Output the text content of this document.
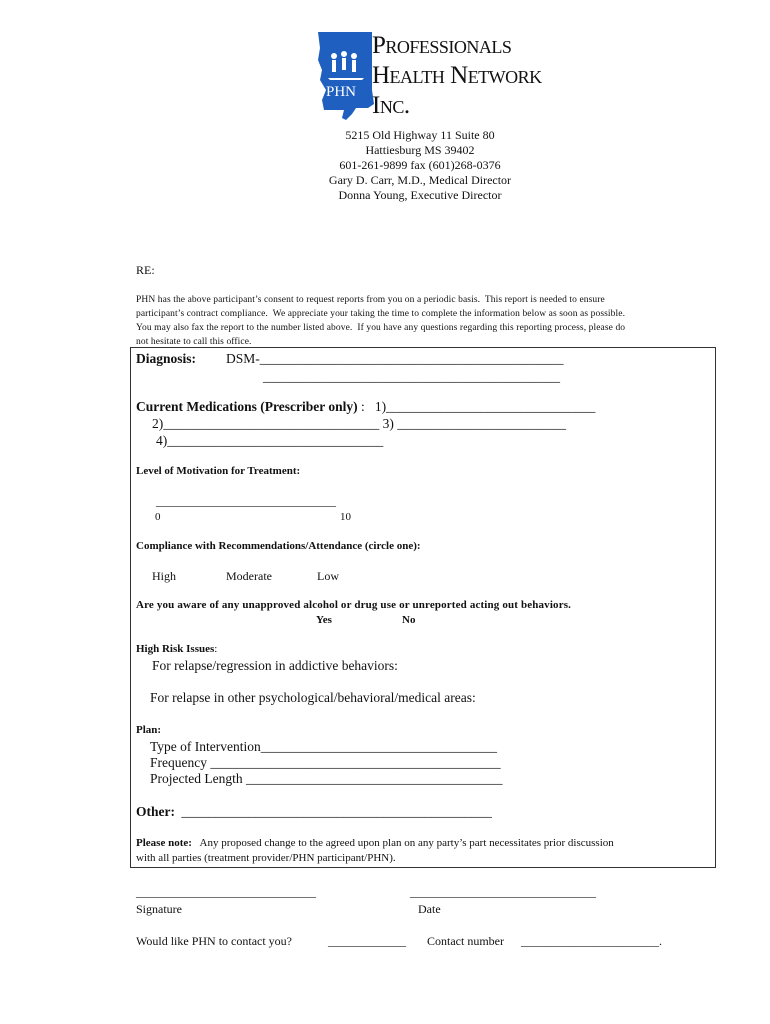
PHN
Professionals
Health Network
Inc.
5215 Old Highway 11 Suite 80
Hattiesburg MS 39402
601-261-9899 fax (601)268-0376
Gary D. Carr, M.D., Medical Director
Donna Young, Executive Director
RE:
PHN has the above participant’s consent to request reports from you on a periodic basis.  This report is needed to ensure
participant’s contract compliance.  We appreciate your taking the time to complete the information below as soon as possible.
You may also fax the report to the number listed above.  If you have any questions regarding this reporting process, please do
not hesitate to call this office.
Diagnosis: DSM-_____________________________________________
____________________________________________
Current Medications (Prescriber only) :   1)_______________________________
2)________________________________ 3) _________________________
4)________________________________
Level of Motivation for Treatment:
______________________________
0	10
Compliance with Recommendations/Attendance (circle one):
High	Moderate	Low
Are you aware of any unapproved alcohol or drug use or unreported acting out behaviors.
Yes	No
High Risk Issues:
For relapse/regression in addictive behaviors:
For relapse in other psychological/behavioral/medical areas:
Plan:
Type of Intervention___________________________________
Frequency ___________________________________________
Projected Length ______________________________________
Other: ______________________________________________
Please note:   Any proposed change to the agreed upon plan on any party’s part necessitates prior discussion
with all parties (treatment provider/PHN participant/PHN).
______________________________
Signature
_______________________________
Date
Would like PHN to contact you?	_____________ Contact number _______________________.
